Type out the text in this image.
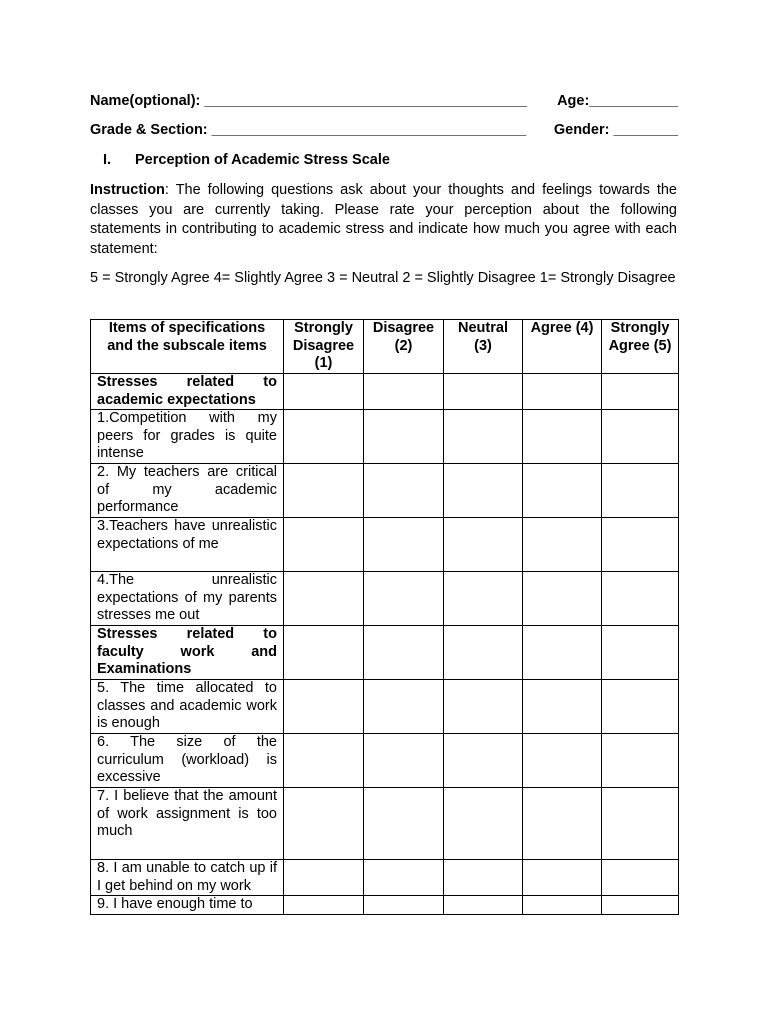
Name(optional): ________________________________________ Age:___________
Grade & Section: _______________________________________ Gender: ________
I. Perception of Academic Stress Scale
Instruction: The following questions ask about your thoughts and feelings towards the classes you are currently taking. Please rate your perception about the following statements in contributing to academic stress and indicate how much you agree with each statement:
5 = Strongly Agree 4= Slightly Agree 3 = Neutral 2 = Slightly Disagree 1= Strongly Disagree
Items of specifications and the subscale items	Strongly Disagree (1)	Disagree (2)	Neutral (3)	Agree (4)	Strongly Agree (5)
Stresses related to academic expectations					
1.Competition with my peers for grades is quite intense					
2. My teachers are critical of my academic performance					
3.Teachers have unrealistic expectations of me					
4.The unrealistic expectations of my parents stresses me out					
Stresses related to faculty work and Examinations					
5. The time allocated to classes and academic work is enough					
6. The size of the curriculum (workload) is excessive					
7. I believe that the amount of work assignment is too much					
8. I am unable to catch up if I get behind on my work					
9. I have enough time to					
